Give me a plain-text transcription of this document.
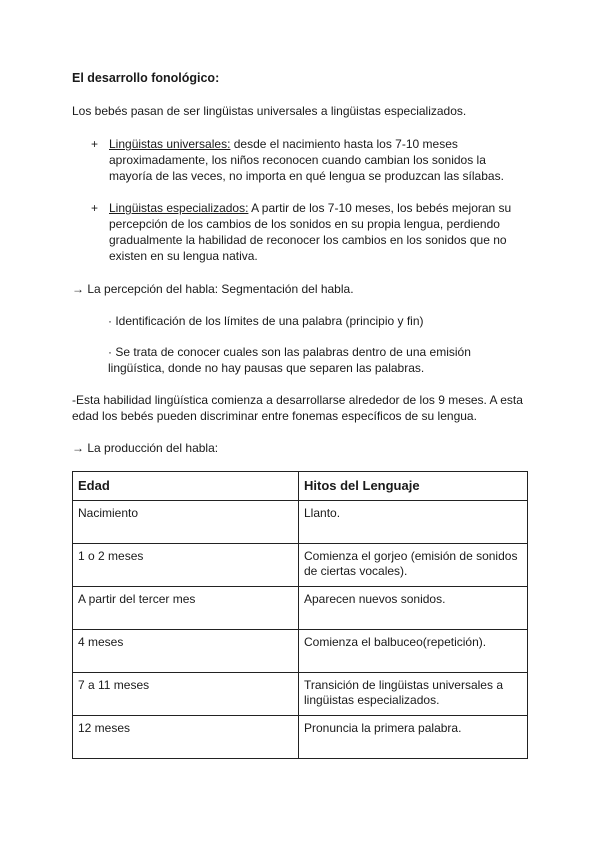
El desarrollo fonológico:
Los bebés pasan de ser lingüistas universales a lingüistas especializados.
+ Lingüistas universales: desde el nacimiento hasta los 7-10 meses aproximadamente, los niños reconocen cuando cambian los sonidos la mayoría de las veces, no importa en qué lengua se produzcan las sílabas.
+ Lingüistas especializados: A partir de los 7-10 meses, los bebés mejoran su percepción de los cambios de los sonidos en su propia lengua, perdiendo gradualmente la habilidad de reconocer los cambios en los sonidos que no existen en su lengua nativa.
→ La percepción del habla: Segmentación del habla.
· Identificación de los límites de una palabra (principio y fin)
· Se trata de conocer cuales son las palabras dentro de una emisión lingüística, donde no hay pausas que separen las palabras.
-Esta habilidad lingüística comienza a desarrollarse alrededor de los 9 meses. A esta edad los bebés pueden discriminar entre fonemas específicos de su lengua.
→ La producción del habla:
Edad	Hitos del Lenguaje
Nacimiento	Llanto.
1 o 2 meses	Comienza el gorjeo (emisión de sonidos de ciertas vocales).
A partir del tercer mes	Aparecen nuevos sonidos.
4 meses	Comienza el balbuceo(repetición).
7 a 11 meses	Transición de lingüistas universales a lingüistas especializados.
12 meses	Pronuncia la primera palabra.
